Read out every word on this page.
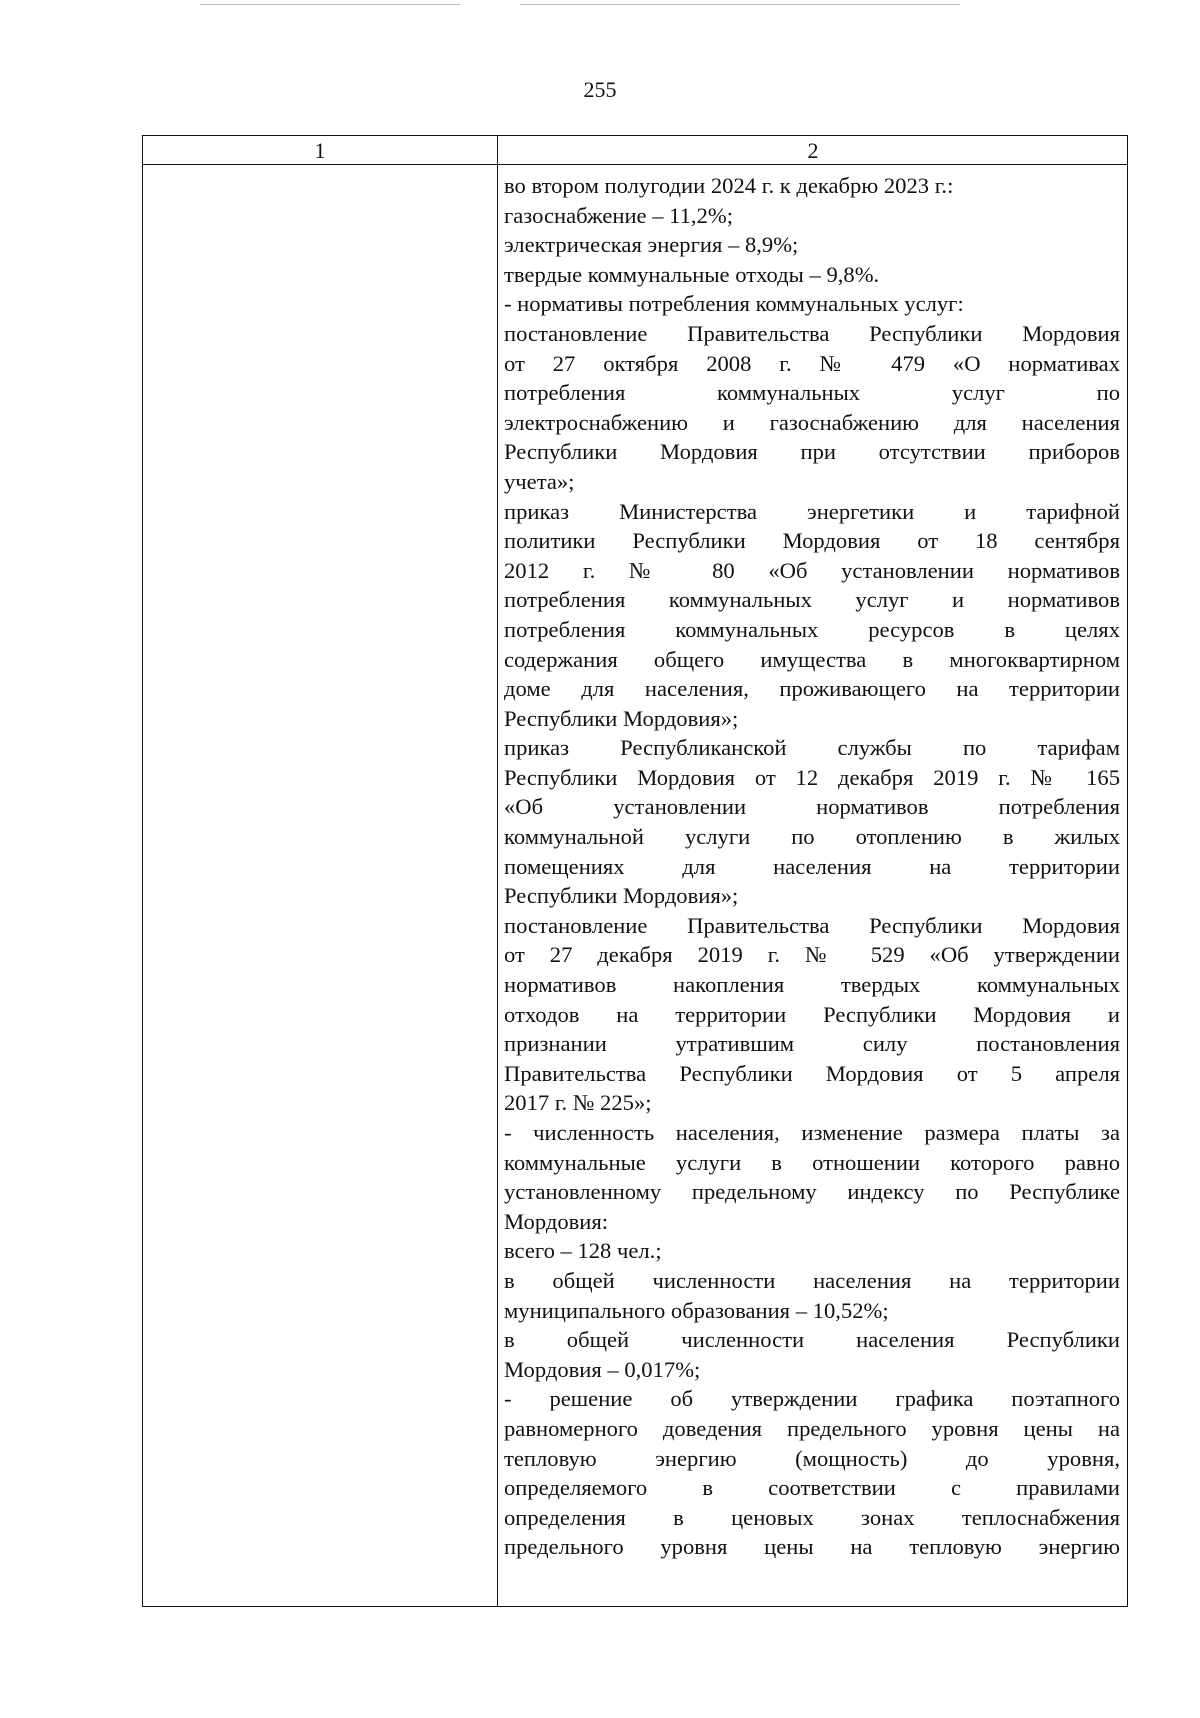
255
1	2
во втором полугодии 2024 г. к декабрю 2023 г.:
газоснабжение – 11,2%;
электрическая энергия – 8,9%;
твердые коммунальные отходы – 9,8%.
- нормативы потребления коммунальных услуг:
постановление Правительства Республики Мордовия
от 27 октября 2008 г. № 479 «О нормативах
потребления коммунальных услуг по
электроснабжению и газоснабжению для населения
Республики Мордовия при отсутствии приборов
учета»;
приказ Министерства энергетики и тарифной
политики Республики Мордовия от 18 сентября
2012 г. № 80 «Об установлении нормативов
потребления коммунальных услуг и нормативов
потребления коммунальных ресурсов в целях
содержания общего имущества в многоквартирном
доме для населения, проживающего на территории
Республики Мордовия»;
приказ Республиканской службы по тарифам
Республики Мордовия от 12 декабря 2019 г. № 165
«Об установлении нормативов потребления
коммунальной услуги по отоплению в жилых
помещениях для населения на территории
Республики Мордовия»;
постановление Правительства Республики Мордовия
от 27 декабря 2019 г. № 529 «Об утверждении
нормативов накопления твердых коммунальных
отходов на территории Республики Мордовия и
признании утратившим силу постановления
Правительства Республики Мордовия от 5 апреля
2017 г. № 225»;
- численность населения, изменение размера платы за
коммунальные услуги в отношении которого равно
установленному предельному индексу по Республике
Мордовия:
всего – 128 чел.;
в общей численности населения на территории
муниципального образования – 10,52%;
в общей численности населения Республики
Мордовия – 0,017%;
- решение об утверждении графика поэтапного
равномерного доведения предельного уровня цены на
тепловую энергию (мощность) до уровня,
определяемого в соответствии с правилами
определения в ценовых зонах теплоснабжения
предельного уровня цены на тепловую энергию
